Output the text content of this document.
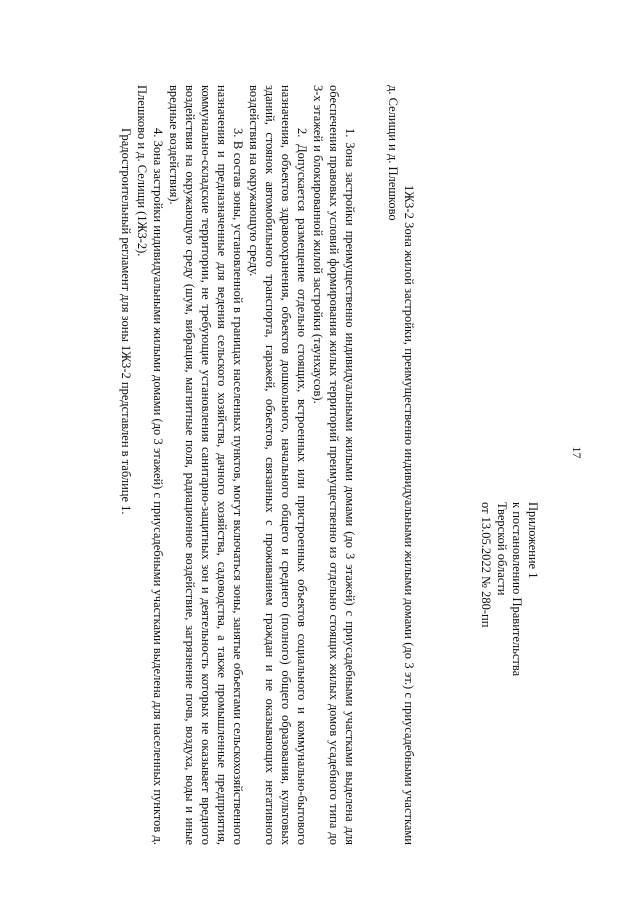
17
Приложение 1
к постановлению Правительства
Тверской области
от 13.05.2022 № 280-пп
1ЖЗ-2 Зона жилой застройки, преимущественно индивидуальными жилыми домами (до 3 эт.) с приусадебными участками д. Селищи и д. Плешково

1. Зона застройки преимущественно индивидуальными жилыми домами (до 3 этажей) с приусадебными участками выделена для обеспечения правовых условий формирования жилых территорий преимущественно из отдельно стоящих жилых домов усадебного типа до 3-х этажей и блокированной жилой застройки (таунхаусов).

2. Допускается размещение отдельно стоящих, встроенных или пристроенных объектов социального и коммунально-бытового назначения, объектов здравоохранения, объектов дошкольного, начального общего и среднего (полного) общего образования, культовых зданий, стоянок автомобильного транспорта, гаражей, объектов, связанных с проживанием граждан и не оказывающих негативного воздействия на окружающую среду.

3. В состав зоны, установленной в границах населенных пунктов, могут включаться зоны, занятые объектами сельскохозяйственного назначения и предназначенные для ведения сельского хозяйства, дачного хозяйства, садоводства, а также промышленные предприятия, коммунально-складские территории, не требующие установления санитарно-защитных зон и деятельность которых не оказывает вредного воздействия на окружающую среду (шум, вибрация, магнитные поля, радиационное воздействие, загрязнение почв, воздуха, воды и иные вредные воздействия).

4. Зона застройки индивидуальными жилыми домами (до 3 этажей) с приусадебными участками выделена для населенных пунктов д. Плешково и д. Селищи (1ЖЗ-2).

Градостроительный регламент для зоны 1ЖЗ-2 представлен в таблице 1.
